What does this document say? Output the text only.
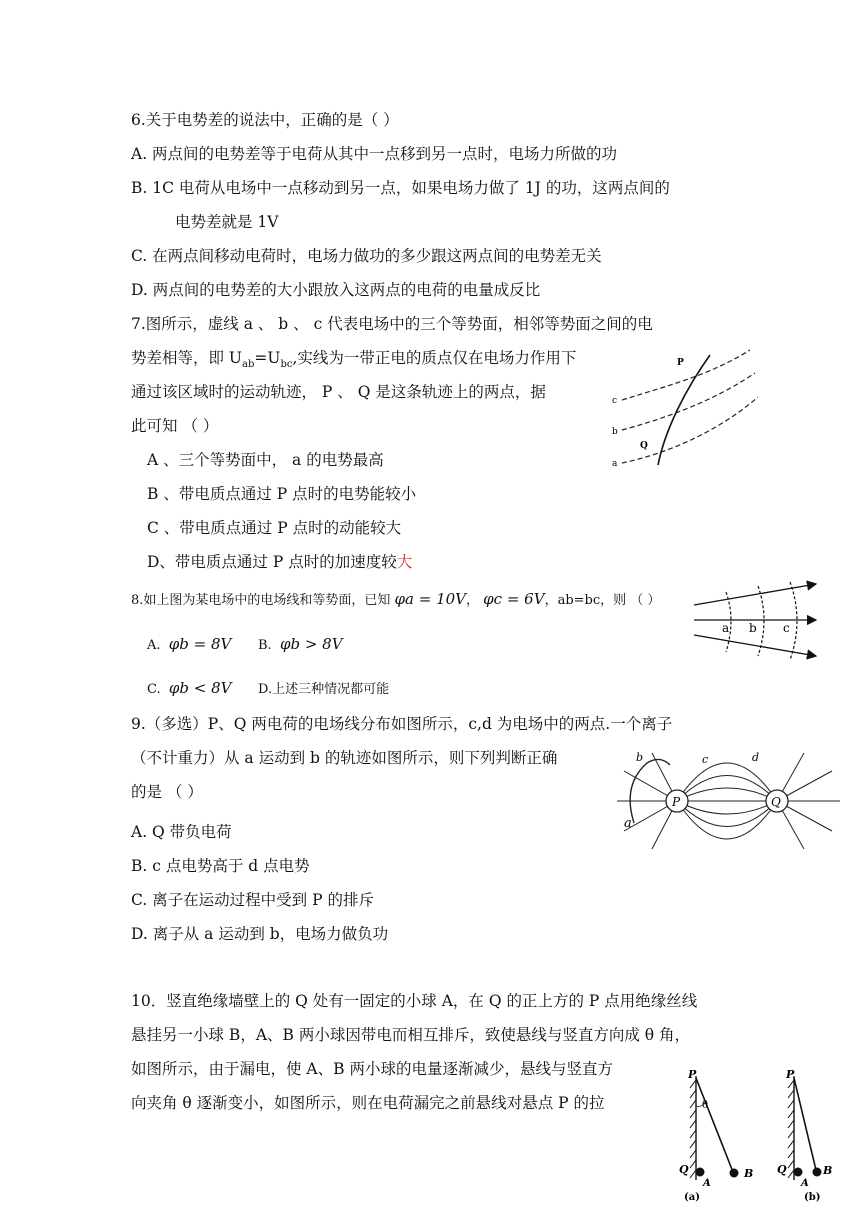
6.关于电势差的说法中，正确的是（ ）
A. 两点间的电势差等于电荷从其中一点移到另一点时，电场力所做的功
B. 1C 电荷从电场中一点移动到另一点，如果电场力做了 1J 的功，这两点间的
电势差就是 1V
C. 在两点间移动电荷时，电场力做功的多少跟这两点间的电势差无关
D. 两点间的电势差的大小跟放入这两点的电荷的电量成反比
7.图所示，虚线 a 、 b 、 c 代表电场中的三个等势面，相邻等势面之间的电
势差相等，即 $U_{ab}=U_{bc}$,实线为一带正电的质点仅在电场力作用下
通过该区域时的运动轨迹， P 、 Q 是这条轨迹上的两点，据
此可知 （ ）
A 、三个等势面中， a 的电势最高
B 、带电质点通过 P 点时的电势能较小
C 、带电质点通过 P 点时的动能较大
D、带电质点通过 P 点时的加速度较大
c
b
a
P
Q
8.如上图为某电场中的电场线和等势面，已知 φa = 10V， φc = 6V，ab=bc，则 （ ）
A. φb = 8V B. φb > 8V
C. φb < 8V D.上述三种情况都可能
a b c
9.（多选）P、Q 两电荷的电场线分布如图所示，c,d 为电场中的两点.一个离子
（不计重力）从 a 运动到 b 的轨迹如图所示，则下列判断正确
的是 （ ）
A. Q 带负电荷
B. c 点电势高于 d 点电势
C. 离子在运动过程中受到 P 的排斥
D. 离子从 a 运动到 b，电场力做负功
P	Q
b
a
c	d
10．竖直绝缘墙壁上的 Q 处有一固定的小球 A，在 Q 的正上方的 P 点用绝缘丝线
悬挂另一小球 B，A、B 两小球因带电而相互排斥，致使悬线与竖直方向成 θ 角，
如图所示，由于漏电，使 A、B 两小球的电量逐渐减少，悬线与竖直方
向夹角 θ 逐渐变小，如图所示，则在电荷漏完之前悬线对悬点 P 的拉
P
θ
Q
A
B
(a)
P
Q
A
B
(b)
